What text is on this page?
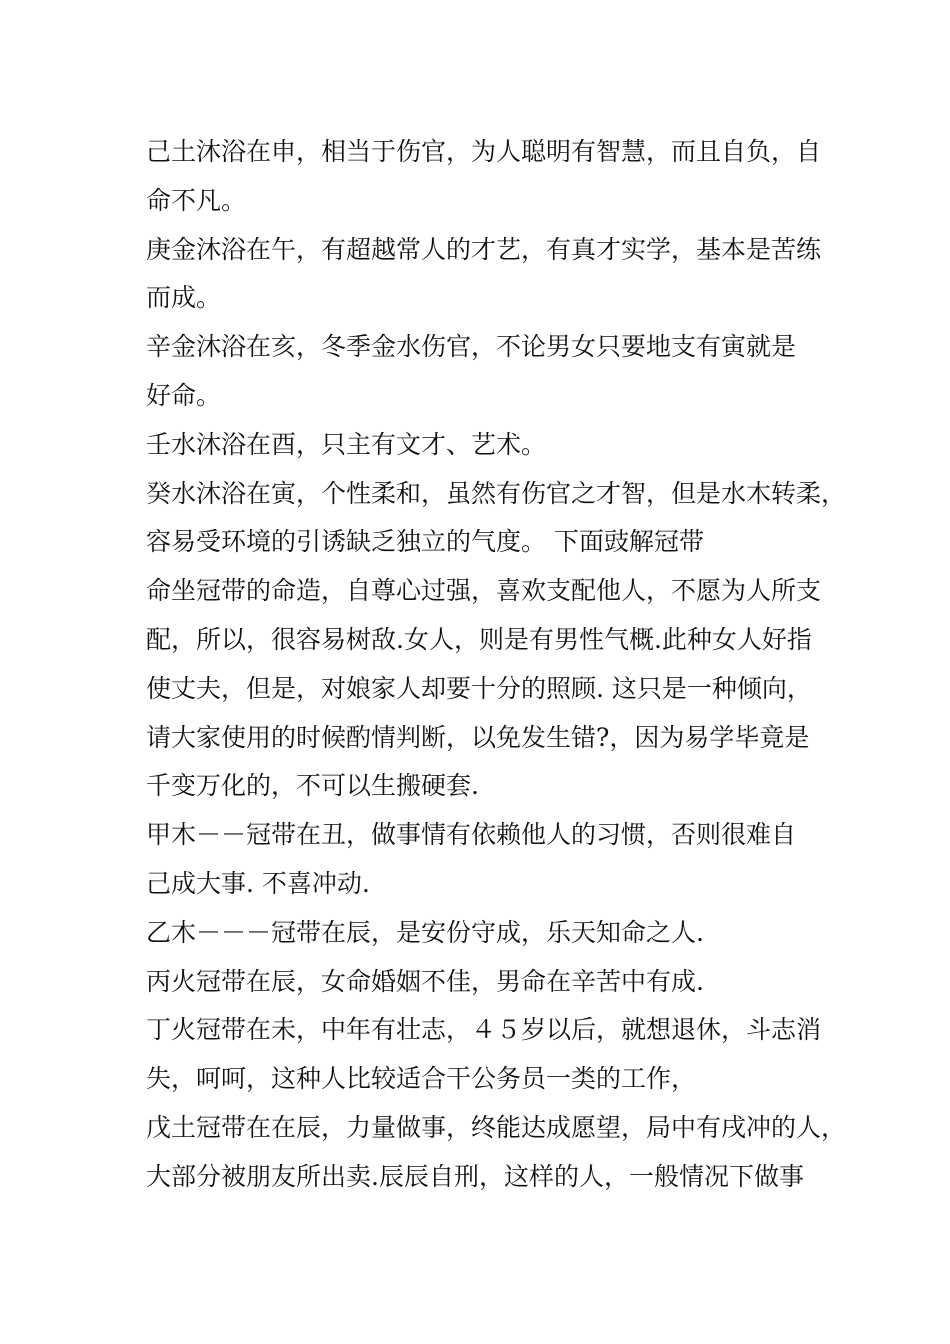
己土沐浴在申，相当于伤官，为人聪明有智慧，而且自负，自
命不凡。
庚金沐浴在午，有超越常人的才艺，有真才实学，基本是苦练
而成。
辛金沐浴在亥，冬季金水伤官，不论男女只要地支有寅就是
好命。
壬水沐浴在酉，只主有文才、艺术。
癸水沐浴在寅，个性柔和，虽然有伤官之才智，但是水木转柔，
容易受环境的引诱缺乏独立的气度。 下面豉解冠带
命坐冠带的命造，自尊心过强，喜欢支配他人，不愿为人所支
配，所以，很容易树敌.女人，则是有男性气概.此种女人好指
使丈夫，但是，对娘家人却要十分的照顾. 这只是一种倾向，
请大家使用的时候酌情判断，以免发生错?，因为易学毕竟是
千变万化的，不可以生搬硬套.
甲木－－冠带在丑，做事情有依赖他人的习惯，否则很难自
己成大事. 不喜冲动.
乙木－－－冠带在辰，是安份守成，乐天知命之人.
丙火冠带在辰，女命婚姻不佳，男命在辛苦中有成.
丁火冠带在未，中年有壮志，４５岁以后，就想退休，斗志消
失，呵呵，这种人比较适合干公务员一类的工作，
戊土冠带在在辰，力量做事，终能达成愿望，局中有戌冲的人，
大部分被朋友所出卖.辰辰自刑，这样的人，一般情况下做事
